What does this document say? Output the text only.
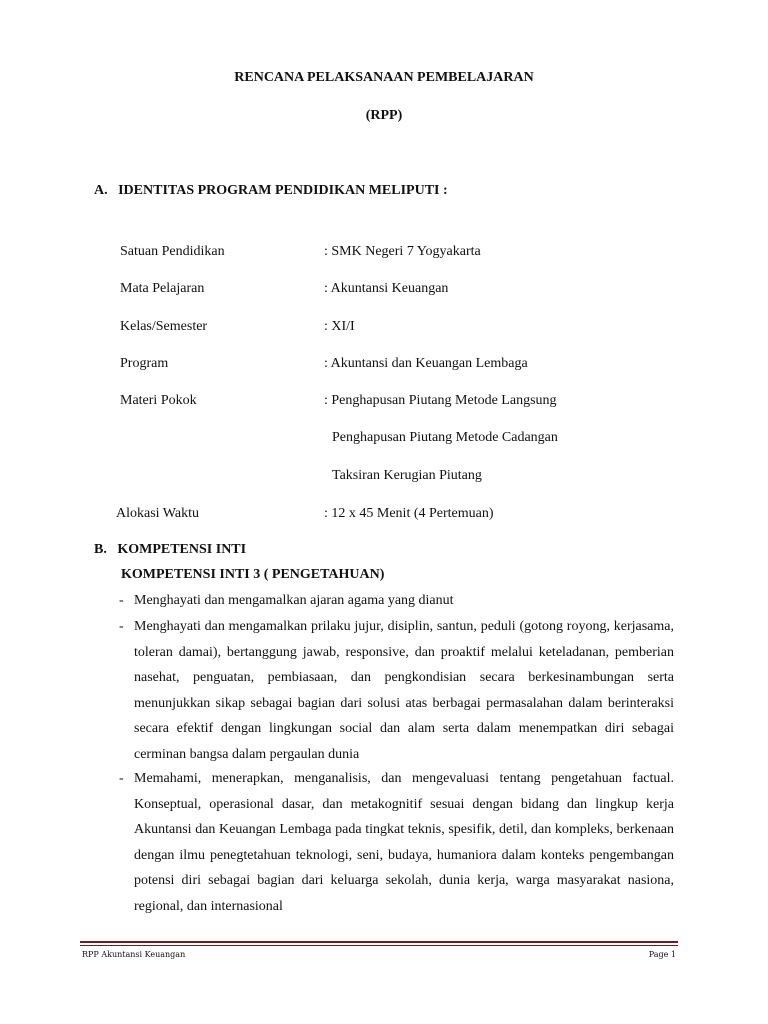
RENCANA PELAKSANAAN PEMBELAJARAN
(RPP)
A.   IDENTITAS PROGRAM PENDIDIKAN MELIPUTI :
Satuan Pendidikan	: SMK Negeri 7 Yogyakarta
Mata Pelajaran	: Akuntansi Keuangan
Kelas/Semester	: XI/I
Program	: Akuntansi dan Keuangan Lembaga
Materi Pokok	: Penghapusan Piutang Metode Langsung
Penghapusan Piutang Metode Cadangan
Taksiran Kerugian Piutang
Alokasi Waktu	: 12 x 45 Menit (4 Pertemuan)
B.   KOMPETENSI INTI
KOMPETENSI INTI 3 ( PENGETAHUAN)
- Menghayati dan mengamalkan ajaran agama yang dianut
- Menghayati dan mengamalkan prilaku jujur, disiplin, santun, peduli (gotong royong, kerjasama, toleran damai), bertanggung jawab, responsive, dan proaktif melalui keteladanan, pemberian nasehat, penguatan, pembiasaan, dan pengkondisian secara berkesinambungan serta menunjukkan sikap sebagai bagian dari solusi atas berbagai permasalahan dalam berinteraksi secara efektif dengan lingkungan social dan alam serta dalam menempatkan diri sebagai cerminan bangsa dalam pergaulan dunia
- Memahami, menerapkan, menganalisis, dan mengevaluasi tentang pengetahuan factual. Konseptual, operasional dasar, dan metakognitif sesuai dengan bidang dan lingkup kerja Akuntansi dan Keuangan Lembaga pada tingkat teknis, spesifik, detil, dan kompleks, berkenaan dengan ilmu penegtetahuan teknologi, seni, budaya, humaniora dalam konteks pengembangan potensi diri sebagai bagian dari keluarga sekolah, dunia kerja, warga masyarakat nasiona, regional, dan internasional
RPP Akuntansi Keuangan	Page 1
